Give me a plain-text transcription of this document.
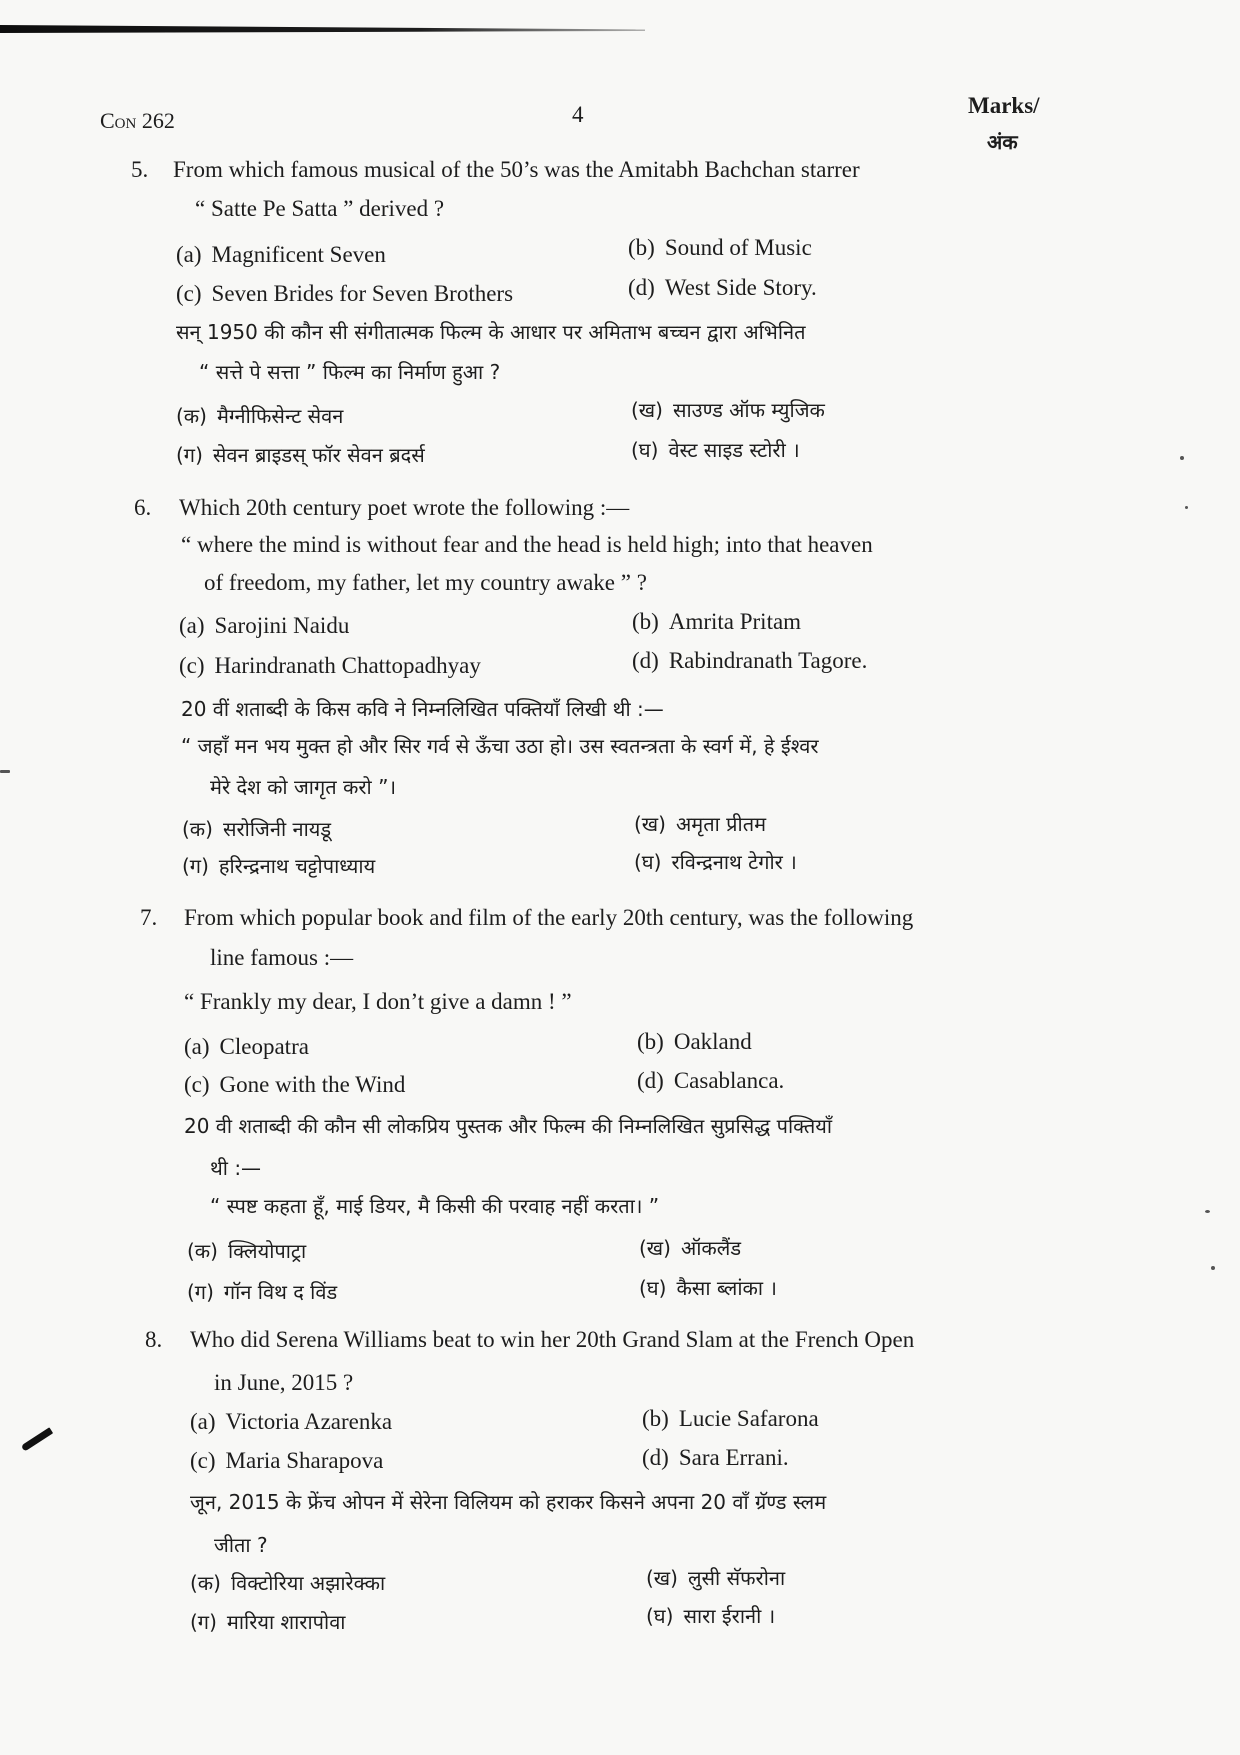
Con 262	4	Marks/
अंक
5. From which famous musical of the 50’s was the Amitabh Bachchan starrer
“ Satte Pe Satta ” derived ?
(a) Magnificent Seven	(b) Sound of Music
(c) Seven Brides for Seven Brothers	(d) West Side Story.
सन् 1950 की कौन सी संगीतात्मक फिल्म के आधार पर अमिताभ बच्चन द्वारा अभिनित
“ सत्ते पे सत्ता ” फिल्म का निर्माण हुआ ?
(क) मैग्नीफिसेन्ट सेवन	(ख) साउण्ड ऑफ म्युजिक
(ग) सेवन ब्राइडस् फॉर सेवन ब्रदर्स	(घ) वेस्ट साइड स्टोरी ।
6. Which 20th century poet wrote the following :—
“ where the mind is without fear and the head is held high; into that heaven
of freedom, my father, let my country awake ” ?
(a) Sarojini Naidu	(b) Amrita Pritam
(c) Harindranath Chattopadhyay	(d) Rabindranath Tagore.
20 वीं शताब्दी के किस कवि ने निम्नलिखित पक्तियाँ लिखी थी :—
“ जहाँ मन भय मुक्त हो और सिर गर्व से ऊँचा उठा हो। उस स्वतन्त्रता के स्वर्ग में, हे ईश्वर
मेरे देश को जागृत करो ”।
(क) सरोजिनी नायडू	(ख) अमृता प्रीतम
(ग) हरिन्द्रनाथ चट्टोपाध्याय	(घ) रविन्द्रनाथ टेगोर ।
7. From which popular book and film of the early 20th century, was the following
line famous :—
“ Frankly my dear, I don’t give a damn ! ”
(a) Cleopatra	(b) Oakland
(c) Gone with the Wind	(d) Casablanca.
20 वी शताब्दी की कौन सी लोकप्रिय पुस्तक और फिल्म की निम्नलिखित सुप्रसिद्ध पक्तियाँ
थी :—
“ स्पष्ट कहता हूँ, माई डियर, मै किसी की परवाह नहीं करता। ”
(क) क्लियोपाट्रा	(ख) ऑकलैंड
(ग) गॉन विथ द विंड	(घ) कैसा ब्लांका ।
8. Who did Serena Williams beat to win her 20th Grand Slam at the French Open
in June, 2015 ?
(a) Victoria Azarenka	(b) Lucie Safarona
(c) Maria Sharapova	(d) Sara Errani.
जून, 2015 के फ्रेंच ओपन में सेरेना विलियम को हराकर किसने अपना 20 वाँ ग्रॅण्ड स्लम
जीता ?
(क) विक्टोरिया अझारेक्का	(ख) लुसी सॅफरोना
(ग) मारिया शारापोवा	(घ) सारा ईरानी ।
